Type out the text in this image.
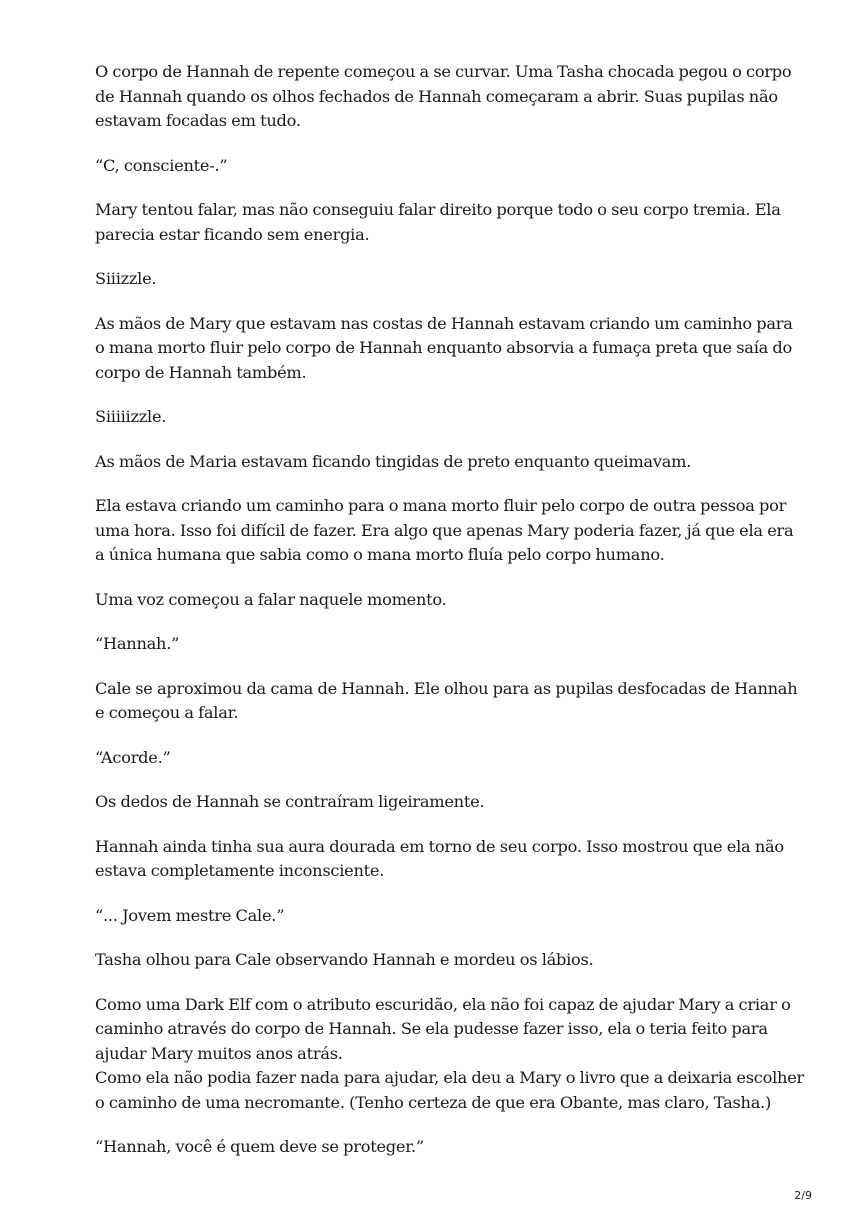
O corpo de Hannah de repente começou a se curvar. Uma Tasha chocada pegou o corpo
de Hannah quando os olhos fechados de Hannah começaram a abrir. Suas pupilas não
estavam focadas em tudo.

“C, consciente-.”

Mary tentou falar, mas não conseguiu falar direito porque todo o seu corpo tremia. Ela
parecia estar ficando sem energia.

Siiizzle.

As mãos de Mary que estavam nas costas de Hannah estavam criando um caminho para
o mana morto fluir pelo corpo de Hannah enquanto absorvia a fumaça preta que saía do
corpo de Hannah também.

Siiiiizzle.

As mãos de Maria estavam ficando tingidas de preto enquanto queimavam.

Ela estava criando um caminho para o mana morto fluir pelo corpo de outra pessoa por
uma hora. Isso foi difícil de fazer. Era algo que apenas Mary poderia fazer, já que ela era
a única humana que sabia como o mana morto fluía pelo corpo humano.

Uma voz começou a falar naquele momento.

“Hannah.”

Cale se aproximou da cama de Hannah. Ele olhou para as pupilas desfocadas de Hannah
e começou a falar.

“Acorde.”

Os dedos de Hannah se contraíram ligeiramente.

Hannah ainda tinha sua aura dourada em torno de seu corpo. Isso mostrou que ela não
estava completamente inconsciente.

“... Jovem mestre Cale.”

Tasha olhou para Cale observando Hannah e mordeu os lábios.

Como uma Dark Elf com o atributo escuridão, ela não foi capaz de ajudar Mary a criar o
caminho através do corpo de Hannah. Se ela pudesse fazer isso, ela o teria feito para
ajudar Mary muitos anos atrás.

Como ela não podia fazer nada para ajudar, ela deu a Mary o livro que a deixaria escolher
o caminho de uma necromante. (Tenho certeza de que era Obante, mas claro, Tasha.)

“Hannah, você é quem deve se proteger.”

2/9
